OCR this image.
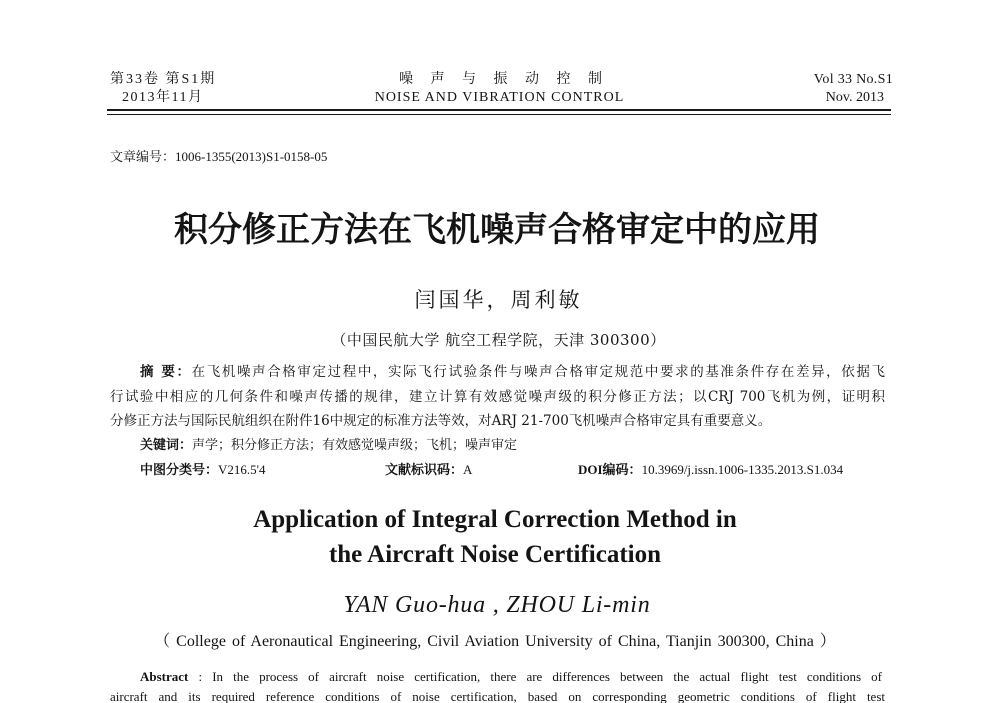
第33卷 第S1期
2013年11月
噪 声 与 振 动 控 制
NOISE AND VIBRATION CONTROL
Vol 33 No.S1
Nov. 2013
文章编号：1006-1355(2013)S1-0158-05
积分修正方法在飞机噪声合格审定中的应用
闫国华，周利敏
（中国民航大学 航空工程学院，天津 300300）
摘 要：在飞机噪声合格审定过程中，实际飞行试验条件与噪声合格审定规范中要求的基准条件存在差异，依据飞
行试验中相应的几何条件和噪声传播的规律，建立计算有效感觉噪声级的积分修正方法；以CRJ 700飞机为例，证明积
分修正方法与国际民航组织在附件16中规定的标准方法等效，对ARJ 21-700飞机噪声合格审定具有重要意义。
关键词：声学；积分修正方法；有效感觉噪声级；飞机；噪声审定
中图分类号：V216.5'4	文献标识码：A	DOI编码：10.3969/j.issn.1006-1335.2013.S1.034
Application of Integral Correction Method in
the Aircraft Noise Certification
YAN Guo-hua , ZHOU Li-min
（ College of Aeronautical Engineering, Civil Aviation University of China, Tianjin 300300, China ）
Abstract : In the process of aircraft noise certification, there are differences between the actual flight test conditions of
aircraft and its required reference conditions of noise certification, based on corresponding geometric conditions of flight test
